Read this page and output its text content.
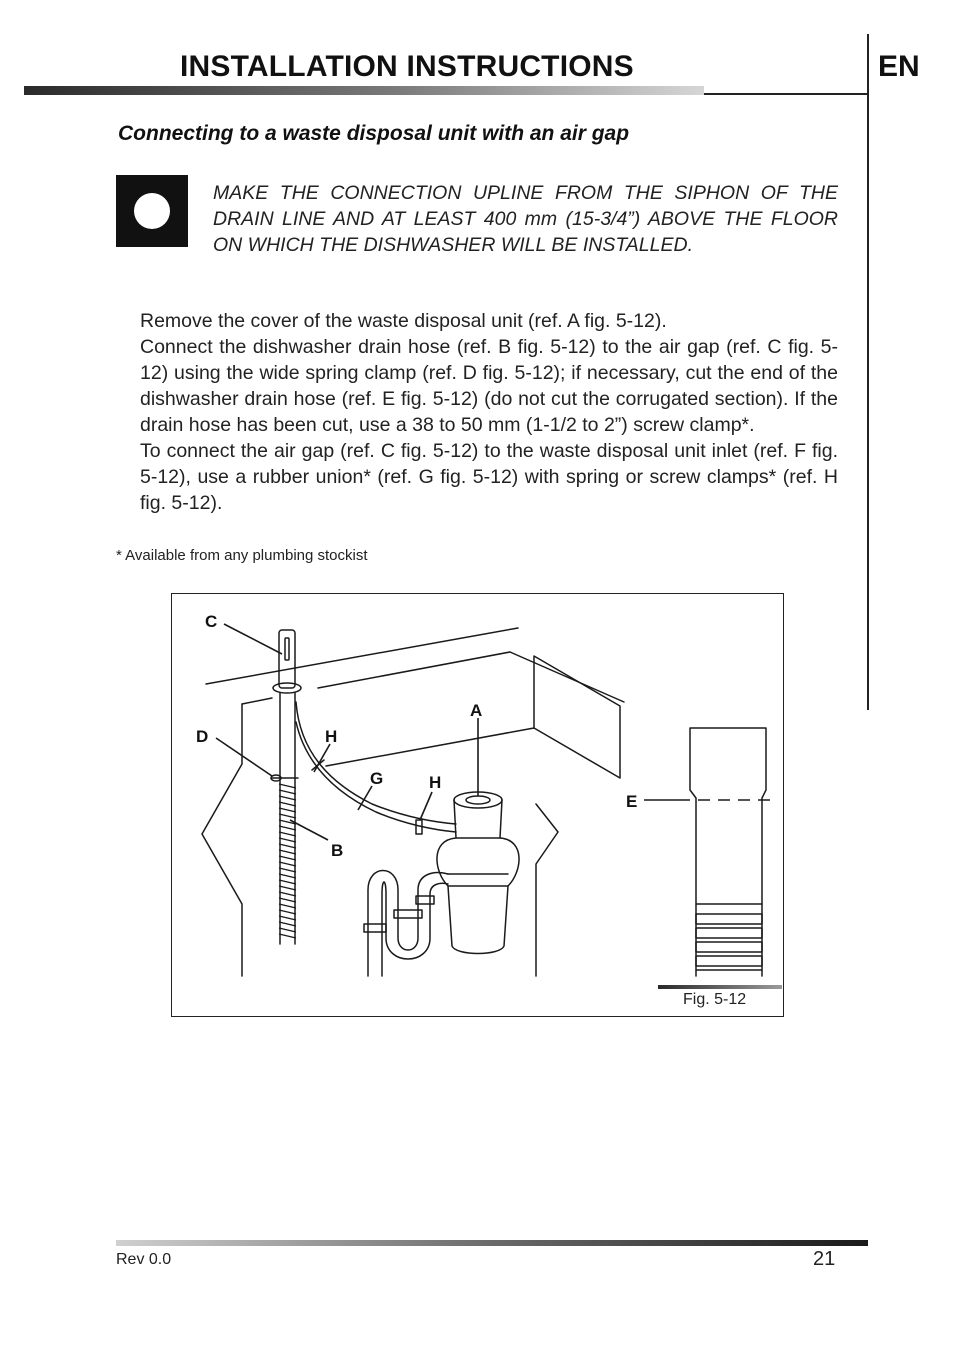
INSTALLATION INSTRUCTIONS	EN
Connecting to a waste disposal unit with an air gap
MAKE THE CONNECTION UPLINE FROM THE SIPHON OF THE DRAIN LINE AND AT LEAST 400 mm (15-3/4”) ABOVE THE FLOOR ON WHICH THE DISHWASHER WILL BE INSTALLED.

Remove the cover of the waste disposal unit (ref. A fig. 5-12).

Connect the dishwasher drain hose (ref. B fig. 5-12) to the air gap (ref. C fig. 5-12) using the wide spring clamp (ref. D fig. 5-12); if necessary, cut the end of the dishwasher drain hose (ref. E fig. 5-12) (do not cut the corrugated section). If the drain hose has been cut, use a 38 to 50 mm (1-1/2 to 2”) screw clamp*.

To connect the air gap (ref. C fig. 5-12) to the waste disposal unit inlet (ref. F fig. 5-12), use a rubber union* (ref. G fig. 5-12) with spring or screw clamps* (ref. H fig. 5-12).

* Available from any plumbing stockist
C
D	H
G	H
A
B
E
Fig. 5-12
Rev 0.0	21
